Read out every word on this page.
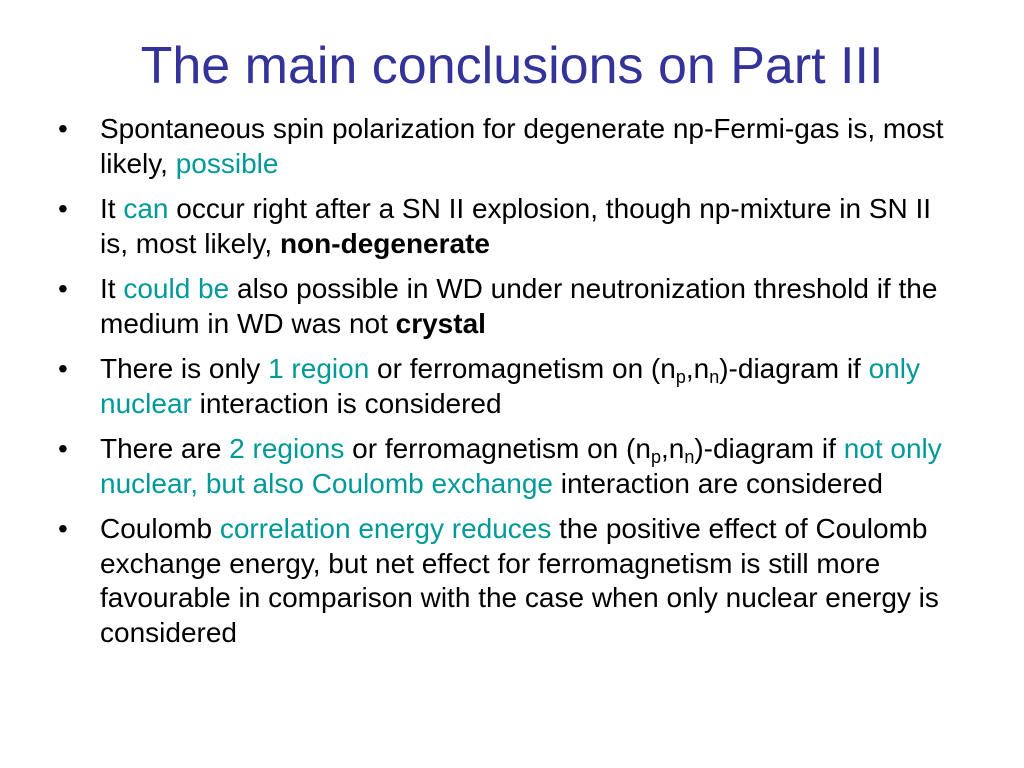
The main conclusions on Part III
•	Spontaneous spin polarization for degenerate np-Fermi-gas is, most likely, possible
•	It can occur right after a SN II explosion, though np-mixture in SN II is, most likely, non-degenerate
•	It could be also possible in WD under neutronization threshold if the medium in WD was not crystal
•	There is only 1 region or ferromagnetism on $(n_p,n_n)$-diagram if only nuclear interaction is considered
•	There are 2 regions or ferromagnetism on $(n_p,n_n)$-diagram if not only nuclear, but also Coulomb exchange interaction are considered
•	Coulomb correlation energy reduces the positive effect of Coulomb exchange energy, but net effect for ferromagnetism is still more favourable in comparison with the case when only nuclear energy is considered
